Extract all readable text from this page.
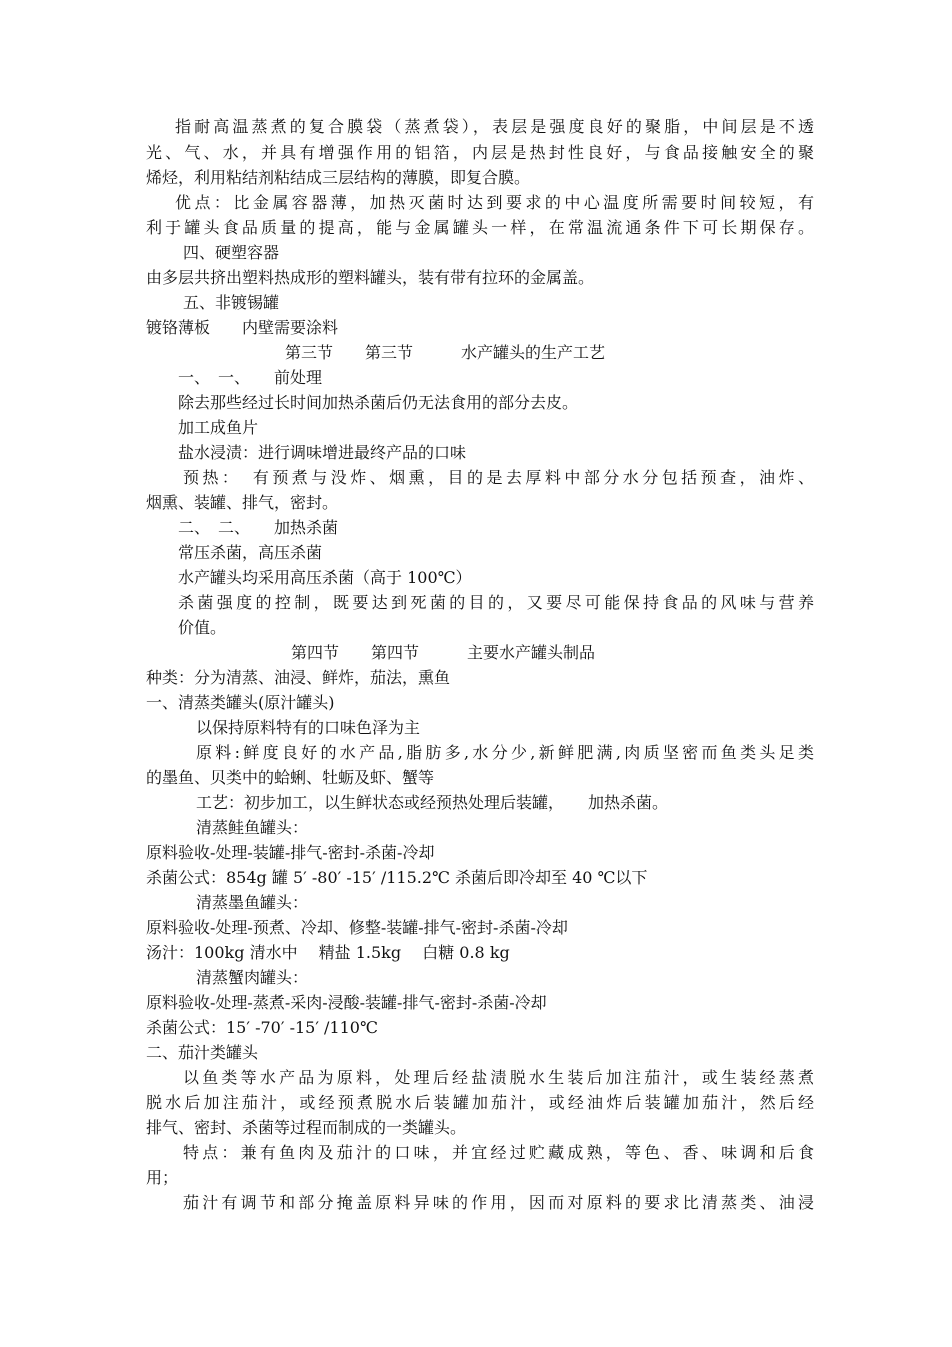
指耐高温蒸煮的复合膜袋（蒸煮袋），表层是强度良好的聚脂，中间层是不透
光、气、水，并具有增强作用的铝箔，内层是热封性良好，与食品接触安全的聚
烯烃，利用粘结剂粘结成三层结构的薄膜，即复合膜。
优点：比金属容器薄，加热灭菌时达到要求的中心温度所需要时间较短，有
利于罐头食品质量的提高，能与金属罐头一样，在常温流通条件下可长期保存。
四、硬塑容器
由多层共挤出塑料热成形的塑料罐头，装有带有拉环的金属盖。
五、非镀锡罐
镀铬薄板　　内壁需要涂料
第三节　　第三节　　　水产罐头的生产工艺
一、　一、　　前处理
除去那些经过长时间加热杀菌后仍无法食用的部分去皮。
加工成鱼片
盐水浸渍：进行调味增进最终产品的口味
预热：　有预煮与没炸、烟熏，目的是去厚料中部分水分包括预查，油炸、
烟熏、装罐、排气，密封。
二、　二、　　加热杀菌
常压杀菌，高压杀菌
水产罐头均采用高压杀菌（高于 100℃）
杀菌强度的控制，既要达到死菌的目的，又要尽可能保持食品的风味与营养
价值。
第四节　　第四节　　　主要水产罐头制品
种类：分为清蒸、油浸、鲜炸，茄法，熏鱼
一、清蒸类罐头(原汁罐头)
以保持原料特有的口味色泽为主
原料:鲜度良好的水产品,脂肪多,水分少,新鲜肥满,肉质坚密而鱼类头足类
的墨鱼、贝类中的蛤蜊、牡蛎及虾、蟹等
工艺：初步加工，以生鲜状态或经预热处理后装罐，　　加热杀菌。
清蒸鲑鱼罐头：
原料验收-处理-装罐-排气-密封-杀菌-冷却
杀菌公式：854g 罐 5′ -80′ -15′ /115.2℃ 杀菌后即冷却至 40 ℃以下
清蒸墨鱼罐头：
原料验收-处理-预煮、冷却、修整-装罐-排气-密封-杀菌-冷却
汤汁：100kg 清水中　 精盐 1.5kg　 白糖 0.8 kg
清蒸蟹肉罐头：
原料验收-处理-蒸煮-采肉-浸酸-装罐-排气-密封-杀菌-冷却
杀菌公式：15′ -70′ -15′ /110℃
二、茄汁类罐头
以鱼类等水产品为原料，处理后经盐渍脱水生装后加注茄汁，或生装经蒸煮
脱水后加注茄汁，或经预煮脱水后装罐加茄汁，或经油炸后装罐加茄汁，然后经
排气、密封、杀菌等过程而制成的一类罐头。
特点：兼有鱼肉及茄汁的口味，并宜经过贮藏成熟，等色、香、味调和后食
用；
茄汁有调节和部分掩盖原料异味的作用，因而对原料的要求比清蒸类、油浸
